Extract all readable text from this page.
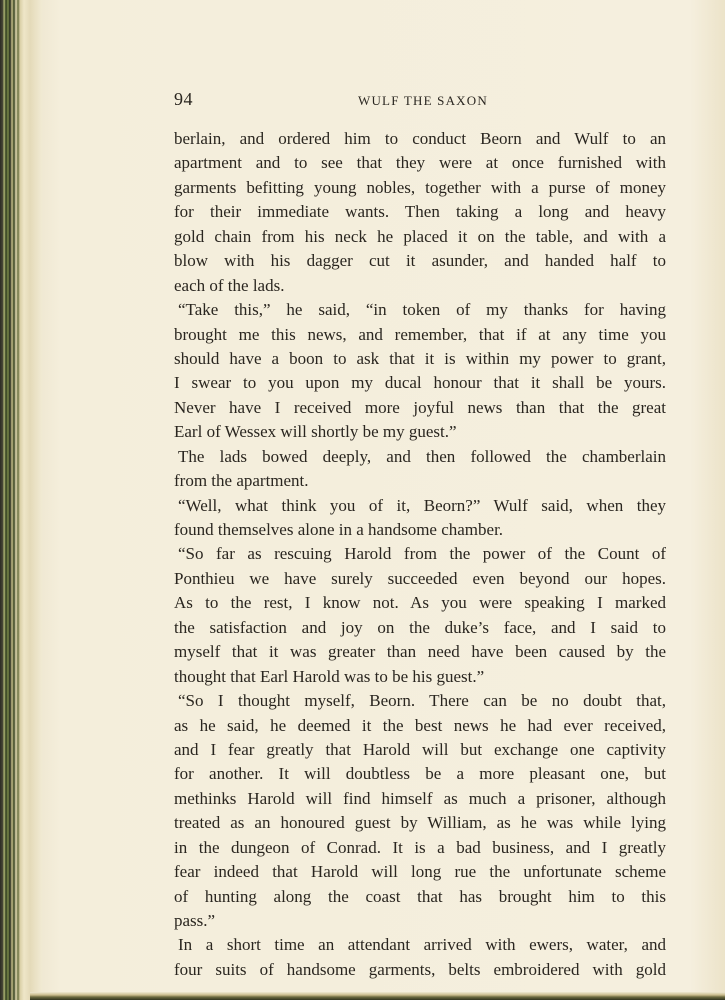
94	WULF THE SAXON
berlain, and ordered him to conduct Beorn and Wulf to an
apartment and to see that they were at once furnished with
garments befitting young nobles, together with a purse of money
for their immediate wants. Then taking a long and heavy
gold chain from his neck he placed it on the table, and with a
blow with his dagger cut it asunder, and handed half to
each of the lads.
“Take this,” he said, “in token of my thanks for having
brought me this news, and remember, that if at any time you
should have a boon to ask that it is within my power to grant,
I swear to you upon my ducal honour that it shall be yours.
Never have I received more joyful news than that the great
Earl of Wessex will shortly be my guest.”
The lads bowed deeply, and then followed the chamberlain
from the apartment.
“Well, what think you of it, Beorn?” Wulf said, when they
found themselves alone in a handsome chamber.
“So far as rescuing Harold from the power of the Count of
Ponthieu we have surely succeeded even beyond our hopes.
As to the rest, I know not. As you were speaking I marked
the satisfaction and joy on the duke’s face, and I said to
myself that it was greater than need have been caused by the
thought that Earl Harold was to be his guest.”
“So I thought myself, Beorn. There can be no doubt that,
as he said, he deemed it the best news he had ever received,
and I fear greatly that Harold will but exchange one captivity
for another. It will doubtless be a more pleasant one, but
methinks Harold will find himself as much a prisoner, although
treated as an honoured guest by William, as he was while lying
in the dungeon of Conrad. It is a bad business, and I greatly
fear indeed that Harold will long rue the unfortunate scheme
of hunting along the coast that has brought him to this
pass.”
In a short time an attendant arrived with ewers, water, and
four suits of handsome garments, belts embroidered with gold
